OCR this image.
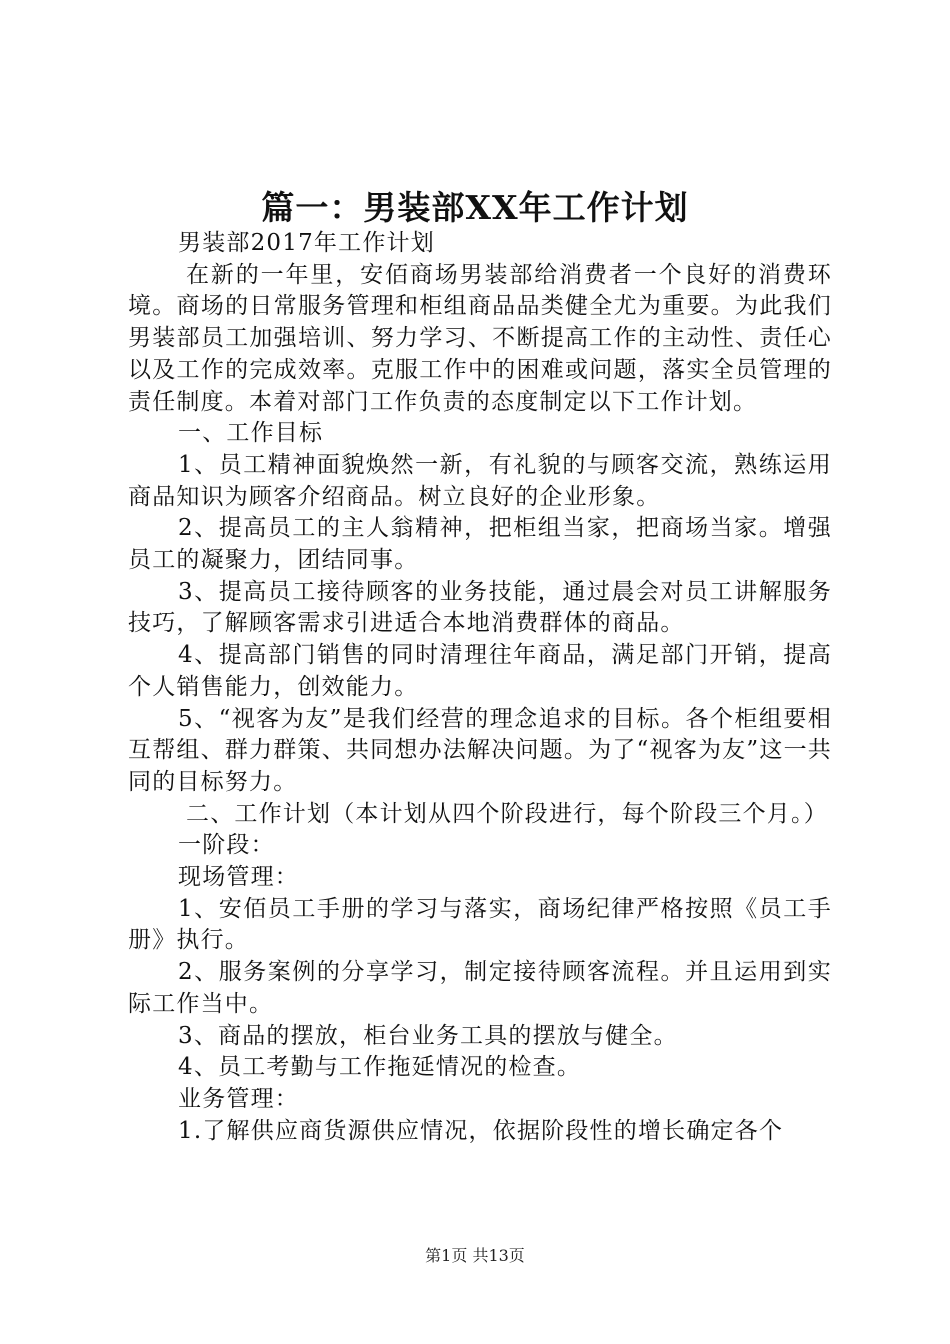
篇一：男装部XX年工作计划

男装部2017年工作计划

在新的一年里，安佰商场男装部给消费者一个良好的消费环境。商场的日常服务管理和柜组商品品类健全尤为重要。为此我们男装部员工加强培训、努力学习、不断提高工作的主动性、责任心以及工作的完成效率。克服工作中的困难或问题，落实全员管理的责任制度。本着对部门工作负责的态度制定以下工作计划。

一、工作目标

1、员工精神面貌焕然一新，有礼貌的与顾客交流，熟练运用商品知识为顾客介绍商品。树立良好的企业形象。

2、提高员工的主人翁精神，把柜组当家，把商场当家。增强员工的凝聚力，团结同事。

3、提高员工接待顾客的业务技能，通过晨会对员工讲解服务技巧，了解顾客需求引进适合本地消费群体的商品。

4、提高部门销售的同时清理往年商品，满足部门开销，提高个人销售能力，创效能力。

5、“视客为友”是我们经营的理念追求的目标。各个柜组要相互帮组、群力群策、共同想办法解决问题。为了“视客为友”这一共同的目标努力。

二、工作计划（本计划从四个阶段进行，每个阶段三个月。）

一阶段：

现场管理：

1、安佰员工手册的学习与落实，商场纪律严格按照《员工手册》执行。

2、服务案例的分享学习，制定接待顾客流程。并且运用到实际工作当中。

3、商品的摆放，柜台业务工具的摆放与健全。

4、员工考勤与工作拖延情况的检查。

业务管理：

1.了解供应商货源供应情况，依据阶段性的增长确定各个

第1页 共13页
